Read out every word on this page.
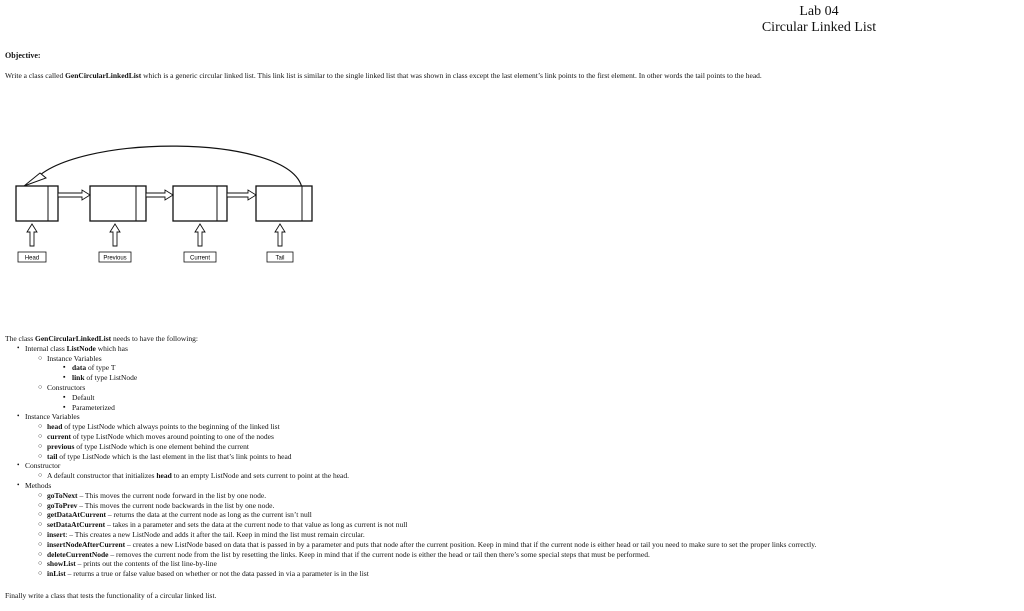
Lab 04
Circular Linked List
Objective:
Write a class called GenCircularLinkedList which is a generic circular linked list. This link list is similar to the single linked list that was shown in class except the last element’s link points to the first element. In other words the tail points to the head.
Head	Previous	Current	Tail
The class GenCircularLinkedList needs to have the following:
• Internal class ListNode which has
○ Instance Variables
▪ data of type T
▪ link of type ListNode
○ Constructors
▪ Default
▪ Parameterized
• Instance Variables
○ head of type ListNode which always points to the beginning of the linked list
○ current of type ListNode which moves around pointing to one of the nodes
○ previous of type ListNode which is one element behind the current
○ tail of type ListNode which is the last element in the list that’s link points to head
• Constructor
○ A default constructor that initializes head to an empty ListNode and sets current to point at the head.
• Methods
○ goToNext – This moves the current node forward in the list by one node.
○ goToPrev – This moves the current node backwards in the list by one node.
○ getDataAtCurrent – returns the data at the current node as long as the current isn’t null
○ setDataAtCurrent – takes in a parameter and sets the data at the current node to that value as long as current is not null
○ insert: – This creates a new ListNode and adds it after the tail. Keep in mind the list must remain circular.
○ insertNodeAfterCurrent – creates a new ListNode based on data that is passed in by a parameter and puts that node after the current position. Keep in mind that if the current node is either head or tail you need to make sure to set the proper links correctly.
○ deleteCurrentNode – removes the current node from the list by resetting the links. Keep in mind that if the current node is either the head or tail then there’s some special steps that must be performed.
○ showList – prints out the contents of the list line-by-line
○ inList – returns a true or false value based on whether or not the data passed in via a parameter is in the list
Finally write a class that tests the functionality of a circular linked list.
